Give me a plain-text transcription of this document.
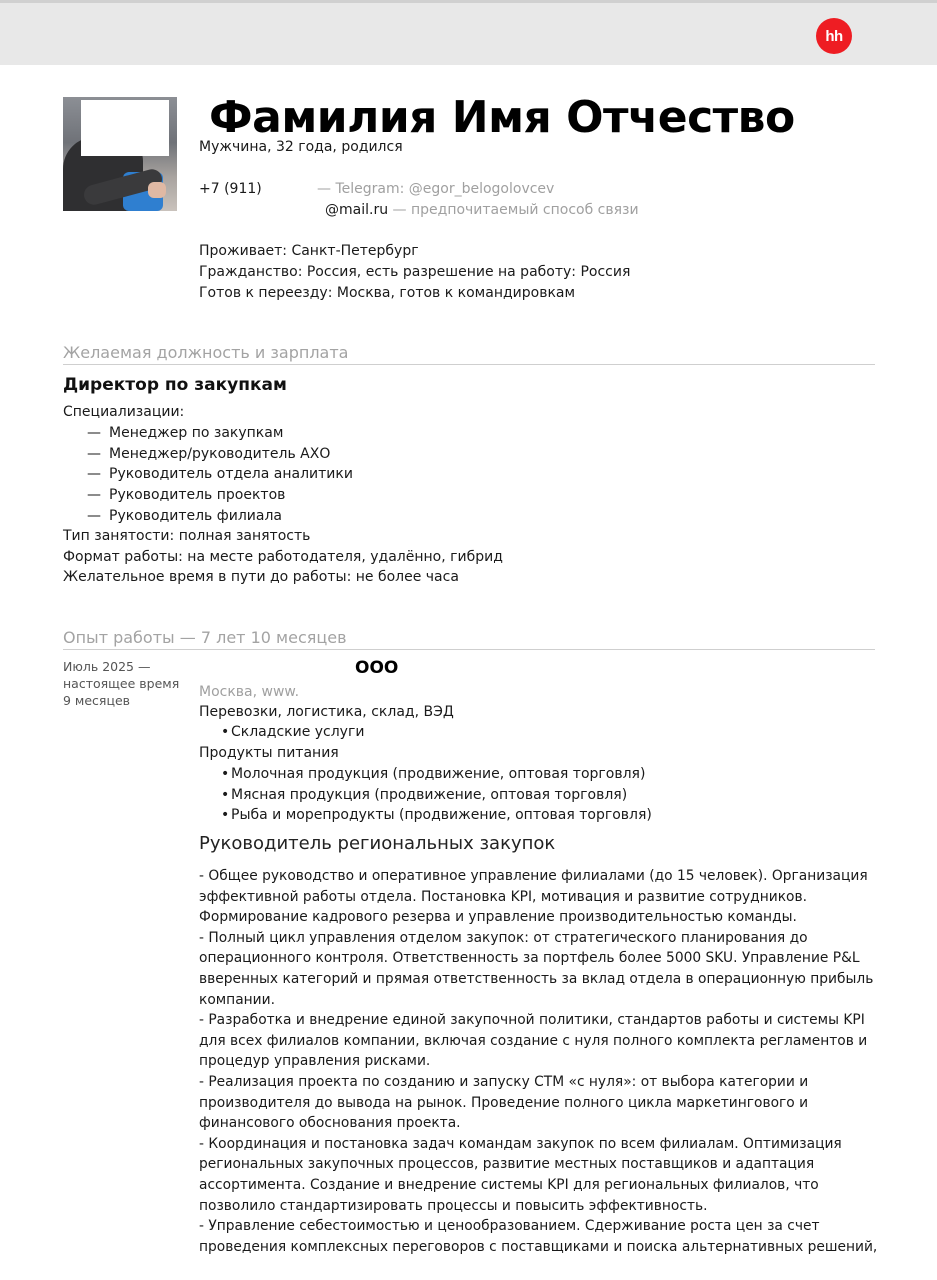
hh
Фамилия Имя Отчество
Мужчина, 32 года, родился
+7 (911)	— Telegram: @egor_belogolovcev
@mail.ru — предпочитаемый способ связи
Проживает: Санкт-Петербург
Гражданство: Россия, есть разрешение на работу: Россия
Готов к переезду: Москва, готов к командировкам
Желаемая должность и зарплата
Директор по закупкам
Специализации:
— Менеджер по закупкам
— Менеджер/руководитель АХО
— Руководитель отдела аналитики
— Руководитель проектов
— Руководитель филиала
Тип занятости: полная занятость
Формат работы: на месте работодателя, удалённо, гибрид
Желательное время в пути до работы: не более часа
Опыт работы — 7 лет 10 месяцев
Июль 2025 —
настоящее время
9 месяцев
ООО
Москва, www.
Перевозки, логистика, склад, ВЭД
• Складские услуги
Продукты питания
• Молочная продукция (продвижение, оптовая торговля)
• Мясная продукция (продвижение, оптовая торговля)
• Рыба и морепродукты (продвижение, оптовая торговля)
Руководитель региональных закупок

- Общее руководство и оперативное управление филиалами (до 15 человек). Организация эффективной работы отдела. Постановка KPI, мотивация и развитие сотрудников. Формирование кадрового резерва и управление производительностью команды.

- Полный цикл управления отделом закупок: от стратегического планирования до операционного контроля. Ответственность за портфель более 5000 SKU. Управление P&L вверенных категорий и прямая ответственность за вклад отдела в операционную прибыль компании.

- Разработка и внедрение единой закупочной политики, стандартов работы и системы KPI для всех филиалов компании, включая создание с нуля полного комплекта регламентов и процедур управления рисками.

- Реализация проекта по созданию и запуску СТМ «с нуля»: от выбора категории и производителя до вывода на рынок. Проведение полного цикла маркетингового и финансового обоснования проекта.

- Координация и постановка задач командам закупок по всем филиалам. Оптимизация региональных закупочных процессов, развитие местных поставщиков и адаптация ассортимента. Создание и внедрение системы KPI для региональных филиалов, что позволило стандартизировать процессы и повысить эффективность.

- Управление себестоимостью и ценообразованием. Сдерживание роста цен за счет проведения комплексных переговоров с поставщиками и поиска альтернативных решений,
